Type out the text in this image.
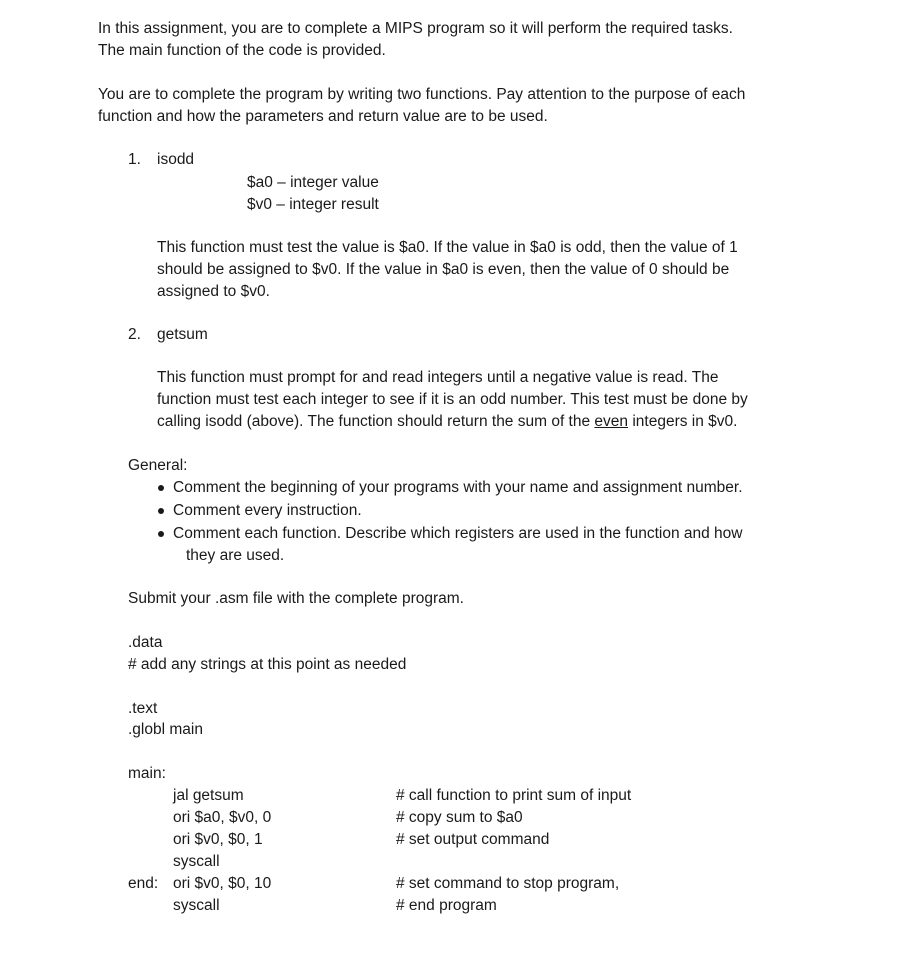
In this assignment, you are to complete a MIPS program so it will perform the required tasks.
The main function of the code is provided.
You are to complete the program by writing two functions. Pay attention to the purpose of each
function and how the parameters and return value are to be used.
1. isodd
$a0 – integer value
$v0 – integer result
This function must test the value is $a0. If the value in $a0 is odd, then the value of 1
should be assigned to $v0. If the value in $a0 is even, then the value of 0 should be
assigned to $v0.
2. getsum
This function must prompt for and read integers until a negative value is read. The
function must test each integer to see if it is an odd number. This test must be done by
calling isodd (above). The function should return the sum of the even integers in $v0.
General:
Comment the beginning of your programs with your name and assignment number.
Comment every instruction.
Comment each function. Describe which registers are used in the function and how
they are used.
Submit your .asm file with the complete program.
.data
# add any strings at this point as needed
.text
.globl main
main:
jal getsum	# call function to print sum of input
ori $a0, $v0, 0	# copy sum to $a0
ori $v0, $0, 1	# set output command
syscall
end: ori $v0, $0, 10	# set command to stop program,
syscall	# end program
